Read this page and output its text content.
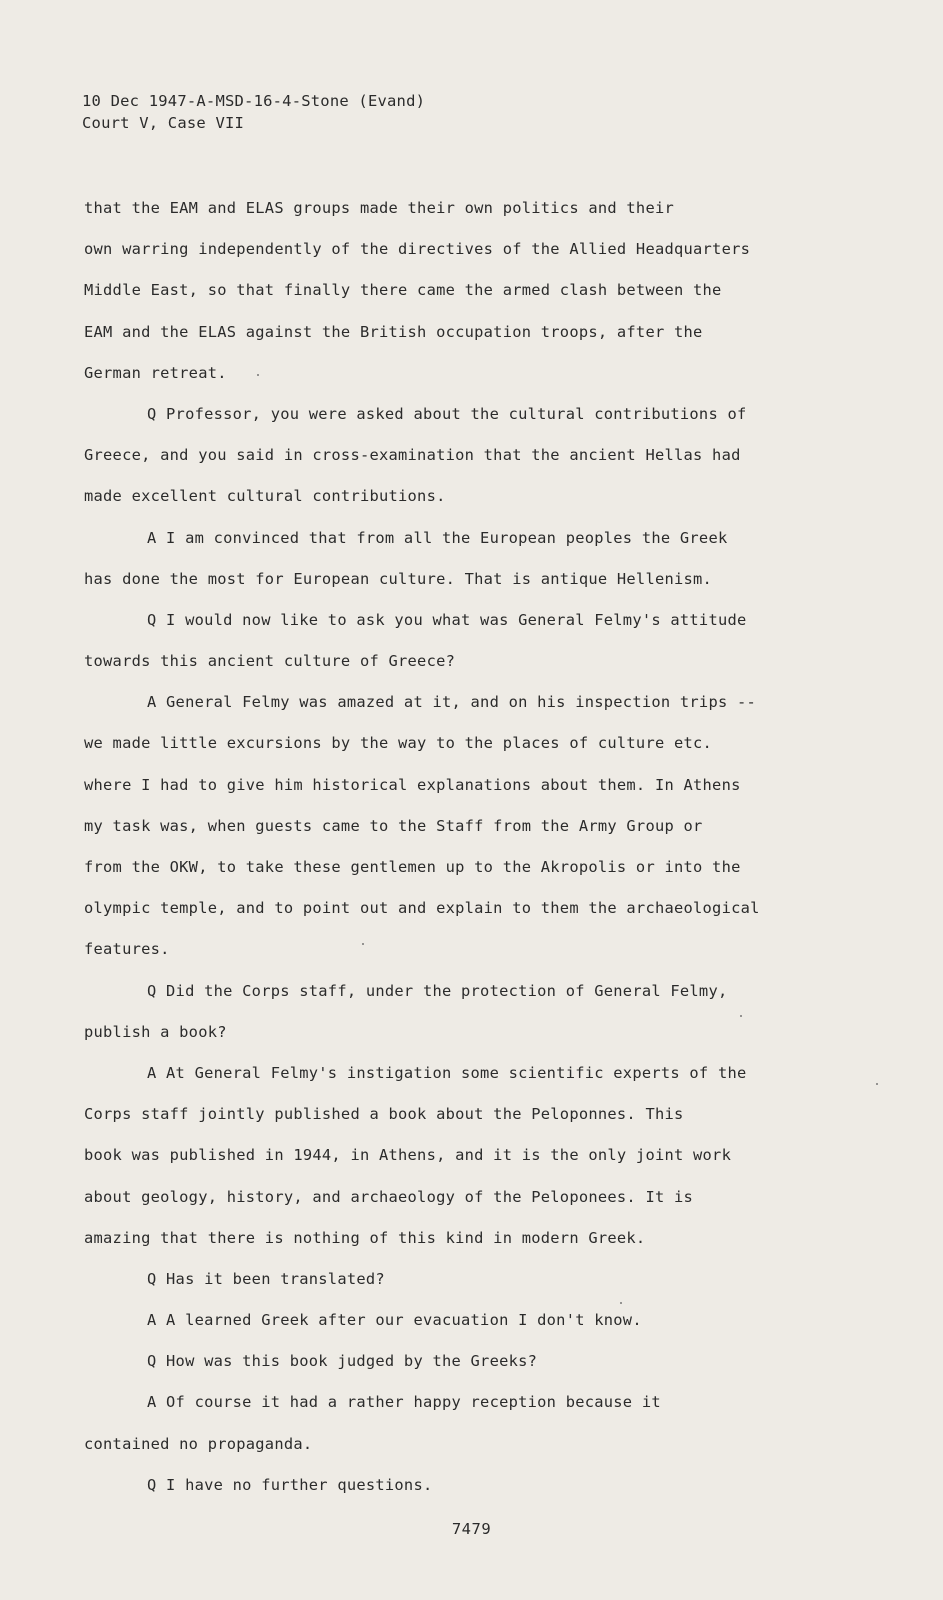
10 Dec 1947-A-MSD-16-4-Stone (Evand)
Court V, Case VII
that the EAM and ELAS groups made their own politics and their
own warring independently of the directives of the Allied Headquarters
Middle East, so that finally there came the armed clash between the
EAM and the ELAS against the British occupation troops, after the
German retreat.
Q Professor, you were asked about the cultural contributions of
Greece, and you said in cross-examination that the ancient Hellas had
made excellent cultural contributions.
A I am convinced that from all the European peoples the Greek
has done the most for European culture. That is antique Hellenism.
Q I would now like to ask you what was General Felmy's attitude
towards this ancient culture of Greece?
A General Felmy was amazed at it, and on his inspection trips --
we made little excursions by the way to the places of culture etc.
where I had to give him historical explanations about them. In Athens
my task was, when guests came to the Staff from the Army Group or
from the OKW, to take these gentlemen up to the Akropolis or into the
olympic temple, and to point out and explain to them the archaeological
features.
Q Did the Corps staff, under the protection of General Felmy,
publish a book?
A At General Felmy's instigation some scientific experts of the
Corps staff jointly published a book about the Peloponnes. This
book was published in 1944, in Athens, and it is the only joint work
about geology, history, and archaeology of the Peloponees. It is
amazing that there is nothing of this kind in modern Greek.
Q Has it been translated?
A A learned Greek after our evacuation I don't know.
Q How was this book judged by the Greeks?
A Of course it had a rather happy reception because it
contained no propaganda.
Q I have no further questions.
7479
